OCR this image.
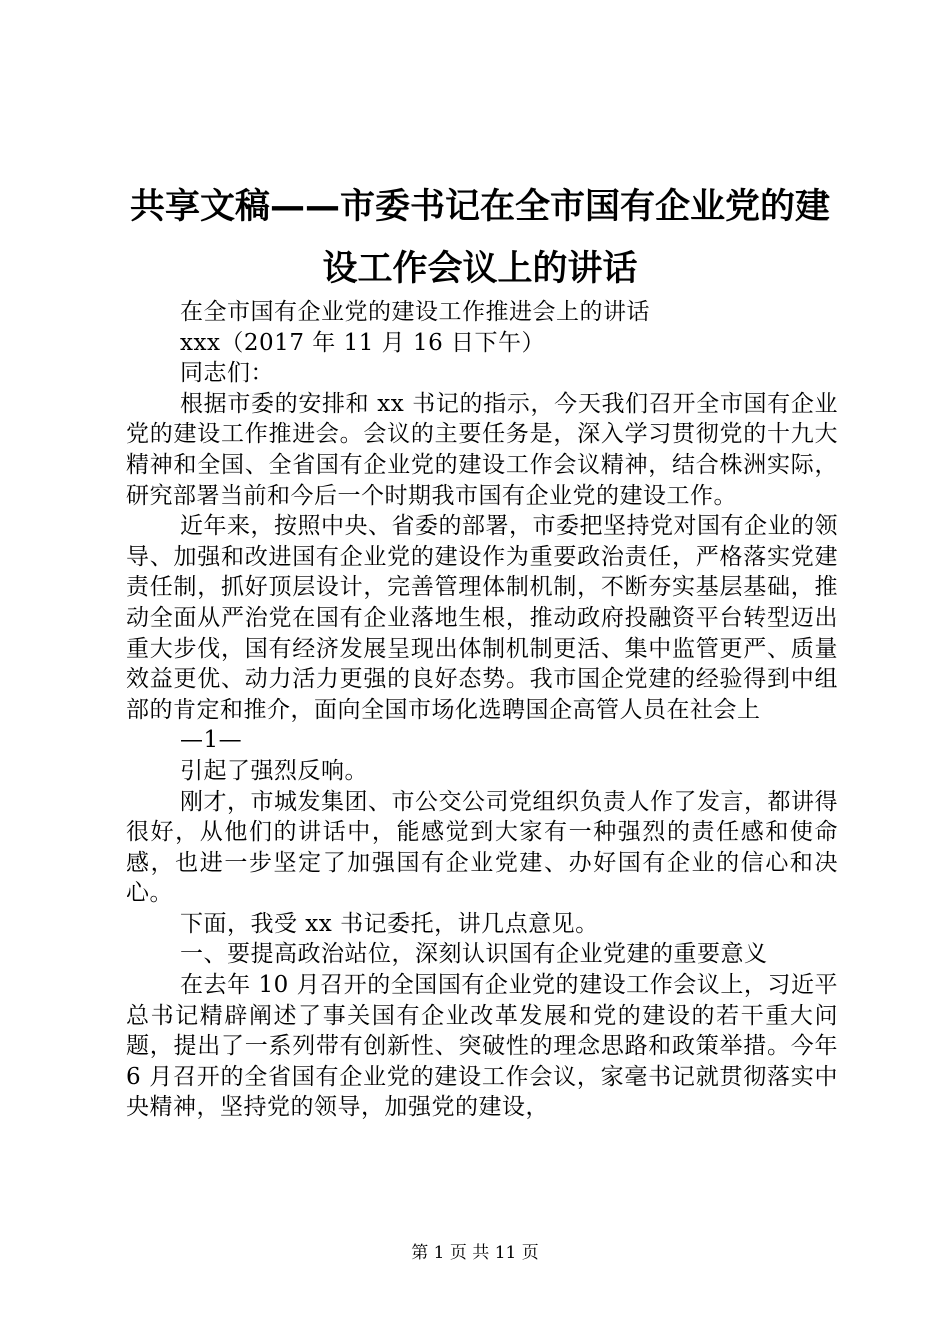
共享文稿——市委书记在全市国有企业党的建
设工作会议上的讲话

在全市国有企业党的建设工作推进会上的讲话

xxx（2017 年 11 月 16 日下午）

同志们：

根据市委的安排和 xx 书记的指示，今天我们召开全市国有企业党的建设工作推进会。会议的主要任务是，深入学习贯彻党的十九大精神和全国、全省国有企业党的建设工作会议精神，结合株洲实际，研究部署当前和今后一个时期我市国有企业党的建设工作。

近年来，按照中央、省委的部署，市委把坚持党对国有企业的领导、加强和改进国有企业党的建设作为重要政治责任，严格落实党建责任制，抓好顶层设计，完善管理体制机制，不断夯实基层基础，推动全面从严治党在国有企业落地生根，推动政府投融资平台转型迈出重大步伐，国有经济发展呈现出体制机制更活、集中监管更严、质量效益更优、动力活力更强的良好态势。我市国企党建的经验得到中组部的肯定和推介，面向全国市场化选聘国企高管人员在社会上

—1—

引起了强烈反响。

刚才，市城发集团、市公交公司党组织负责人作了发言，都讲得很好，从他们的讲话中，能感觉到大家有一种强烈的责任感和使命感，也进一步坚定了加强国有企业党建、办好国有企业的信心和决心。

下面，我受 xx 书记委托，讲几点意见。

一、要提高政治站位，深刻认识国有企业党建的重要意义

在去年 10 月召开的全国国有企业党的建设工作会议上，习近平总书记精辟阐述了事关国有企业改革发展和党的建设的若干重大问题，提出了一系列带有创新性、突破性的理念思路和政策举措。今年 6 月召开的全省国有企业党的建设工作会议，家毫书记就贯彻落实中央精神，坚持党的领导，加强党的建设，

第 1 页 共 11 页
